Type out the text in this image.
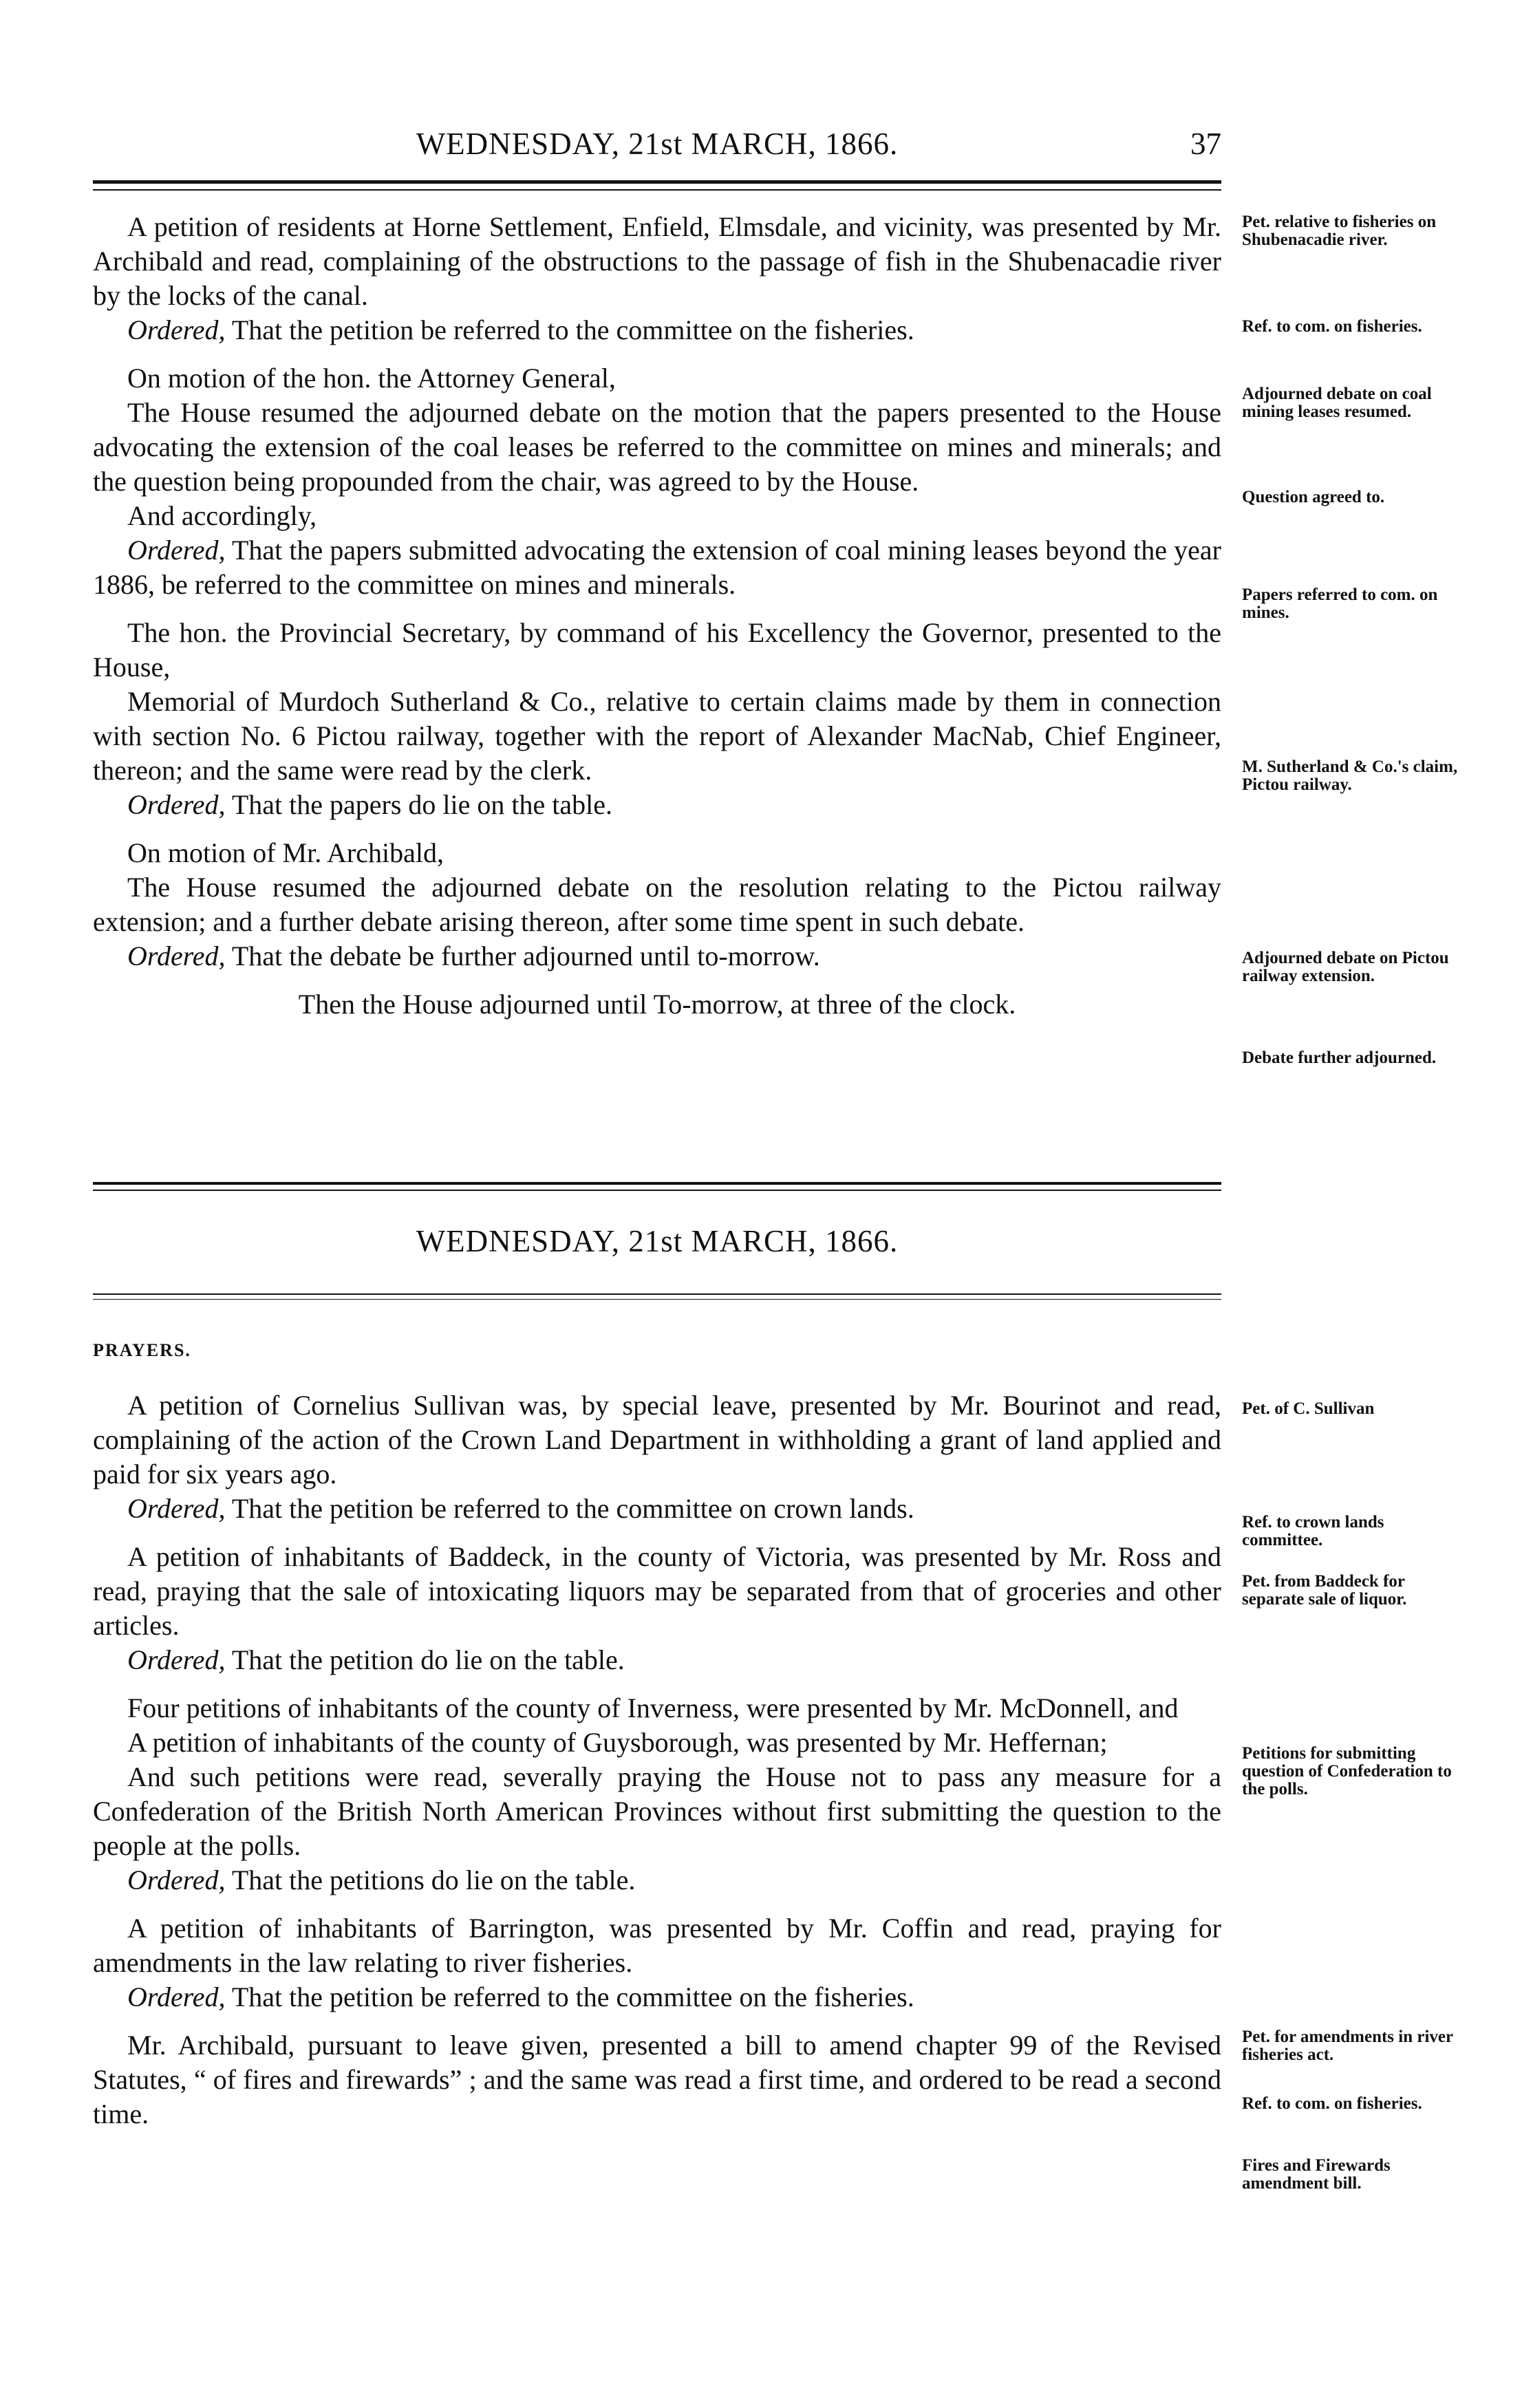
WEDNESDAY, 21st MARCH, 1866.	37

A petition of residents at Horne Settlement, Enfield, Elmsdale, and vicinity, was presented by Mr. Archibald and read, complaining of the obstructions to the passage of fish in the Shubenacadie river by the locks of the canal.

Ordered, That the petition be referred to the committee on the fisheries.

On motion of the hon. the Attorney General,

The House resumed the adjourned debate on the motion that the papers presented to the House advocating the extension of the coal leases be referred to the committee on mines and minerals; and the question being propounded from the chair, was agreed to by the House.

And accordingly,

Ordered, That the papers submitted advocating the extension of coal mining leases beyond the year 1886, be referred to the committee on mines and minerals.

The hon. the Provincial Secretary, by command of his Excellency the Governor, presented to the House,

Memorial of Murdoch Sutherland & Co., relative to certain claims made by them in connection with section No. 6 Pictou railway, together with the report of Alexander MacNab, Chief Engineer, thereon; and the same were read by the clerk.

Ordered, That the papers do lie on the table.

On motion of Mr. Archibald,

The House resumed the adjourned debate on the resolution relating to the Pictou railway extension; and a further debate arising thereon, after some time spent in such debate.

Ordered, That the debate be further adjourned until to-morrow.

Then the House adjourned until To-morrow, at three of the clock.

WEDNESDAY, 21st MARCH, 1866.
PRAYERS.

A petition of Cornelius Sullivan was, by special leave, presented by Mr. Bourinot and read, complaining of the action of the Crown Land Department in withholding a grant of land applied and paid for six years ago.

Ordered, That the petition be referred to the committee on crown lands.

A petition of inhabitants of Baddeck, in the county of Victoria, was presented by Mr. Ross and read, praying that the sale of intoxicating liquors may be separated from that of groceries and other articles.

Ordered, That the petition do lie on the table.

Four petitions of inhabitants of the county of Inverness, were presented by Mr. McDonnell, and

A petition of inhabitants of the county of Guysborough, was presented by Mr. Heffernan;

And such petitions were read, severally praying the House not to pass any measure for a Confederation of the British North American Provinces without first submitting the question to the people at the polls.

Ordered, That the petitions do lie on the table.

A petition of inhabitants of Barrington, was presented by Mr. Coffin and read, praying for amendments in the law relating to river fisheries.

Ordered, That the petition be referred to the committee on the fisheries.

Mr. Archibald, pursuant to leave given, presented a bill to amend chapter 99 of the Revised Statutes, “ of fires and firewards” ; and the same was read a first time, and ordered to be read a second time.

Pet. relative to fisheries on Shubenacadie river.
Ref. to com. on fisheries.
Adjourned debate on coal mining leases resumed.
Question agreed to.
Papers referred to com. on mines.
M. Sutherland & Co.'s claim, Pictou railway.
Adjourned debate on Pictou railway extension.
Debate further adjourned.
Pet. of C. Sullivan
Ref. to crown lands committee.
Pet. from Baddeck for separate sale of liquor.
Petitions for submitting question of Confederation to the polls.
Pet. for amendments in river fisheries act.
Ref. to com. on fisheries.
Fires and Firewards amendment bill.
